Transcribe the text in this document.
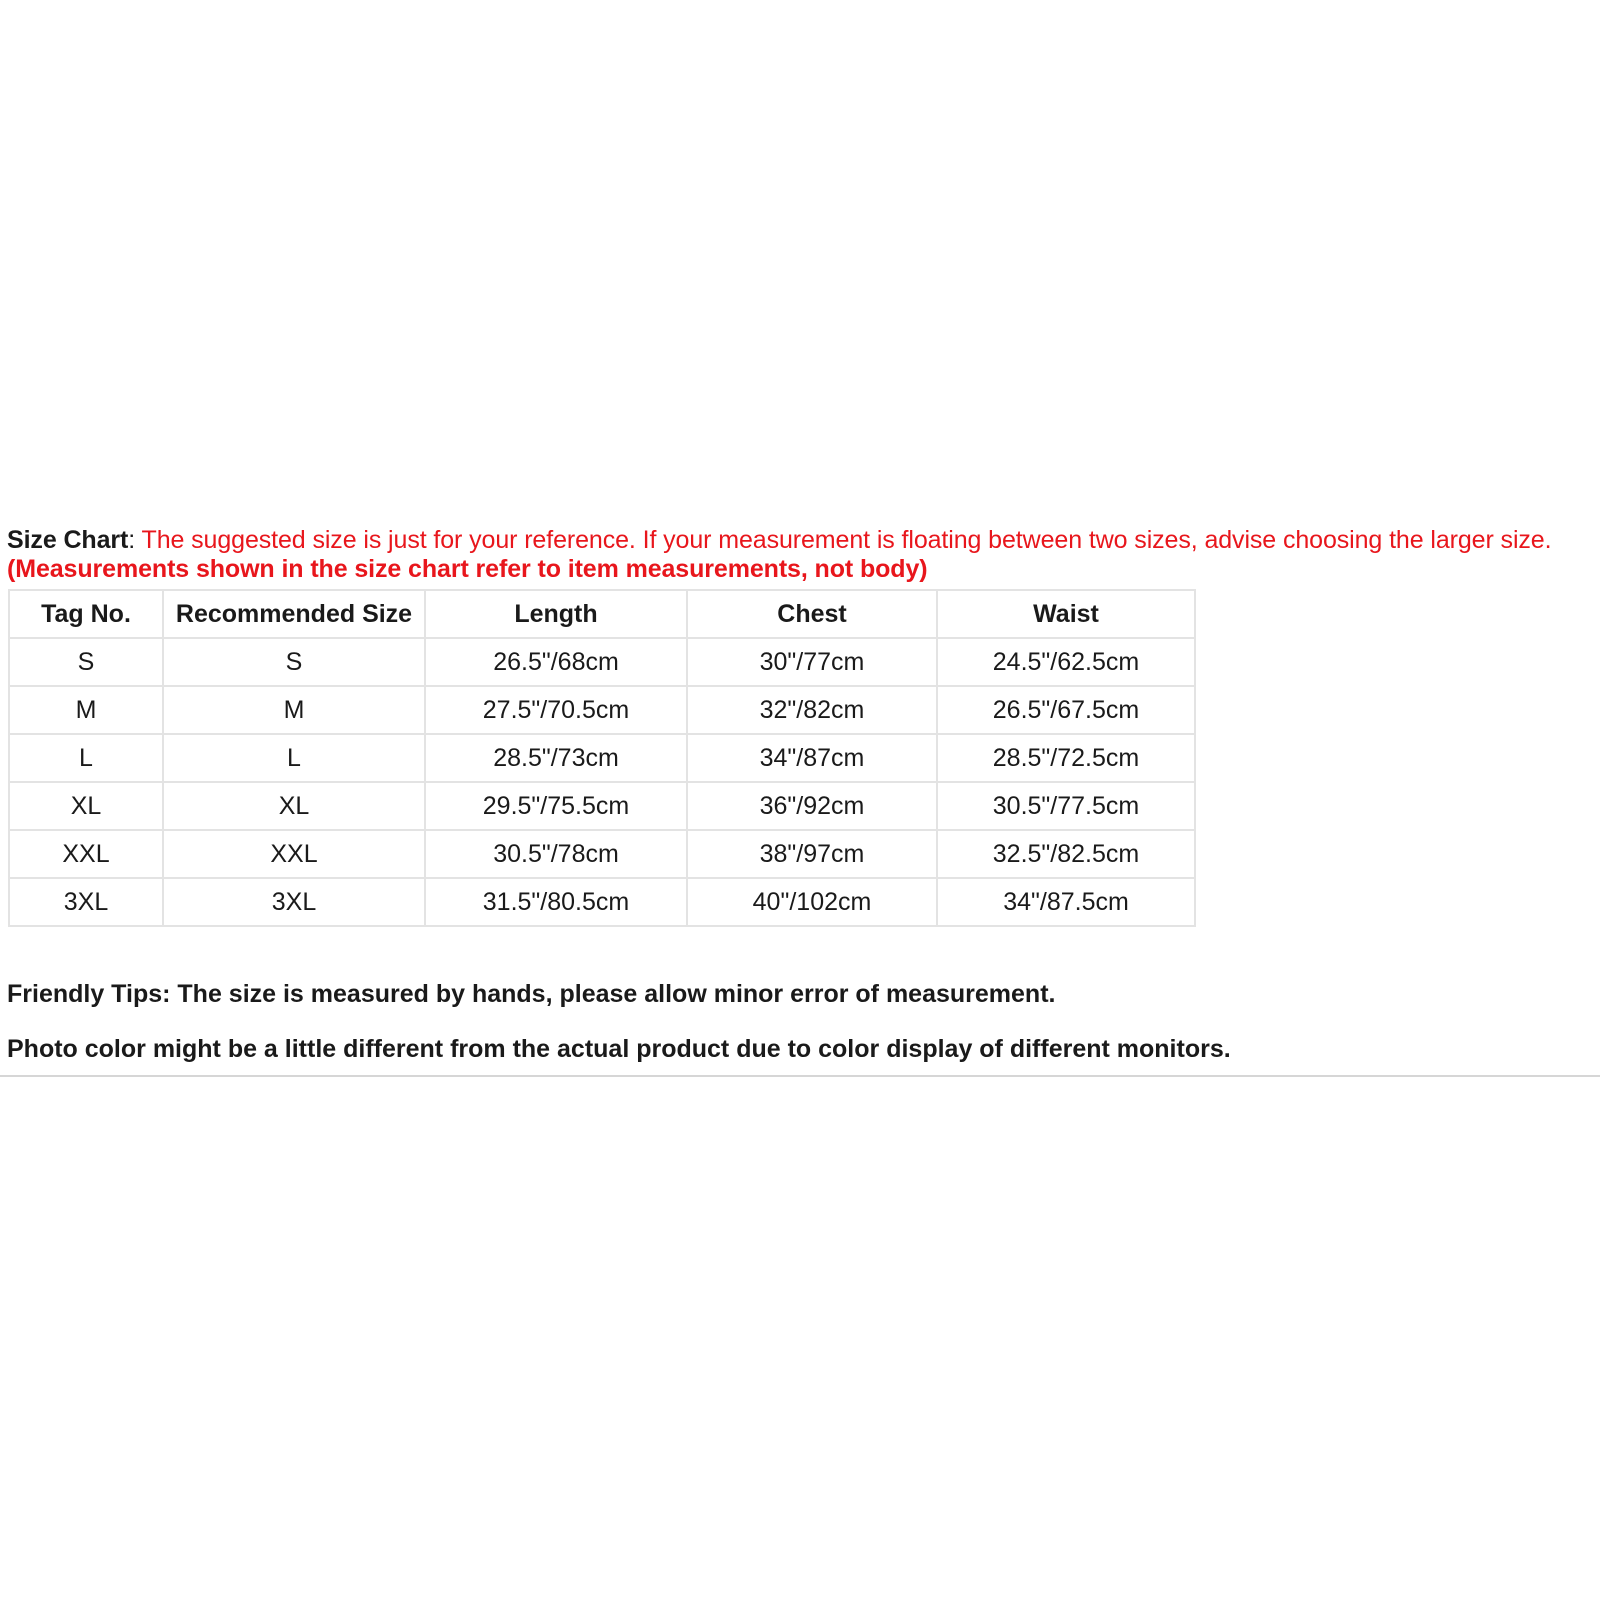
Size Chart: The suggested size is just for your reference. If your measurement is floating between two sizes, advise choosing the larger size. (Measurements shown in the size chart refer to item measurements, not body)
Tag No.	Recommended Size	Length	Chest	Waist
S	S	26.5"/68cm	30"/77cm	24.5"/62.5cm
M	M	27.5"/70.5cm	32"/82cm	26.5"/67.5cm
L	L	28.5"/73cm	34"/87cm	28.5"/72.5cm
XL	XL	29.5"/75.5cm	36"/92cm	30.5"/77.5cm
XXL	XXL	30.5"/78cm	38"/97cm	32.5"/82.5cm
3XL	3XL	31.5"/80.5cm	40"/102cm	34"/87.5cm
Friendly Tips: The size is measured by hands, please allow minor error of measurement.
Photo color might be a little different from the actual product due to color display of different monitors.
